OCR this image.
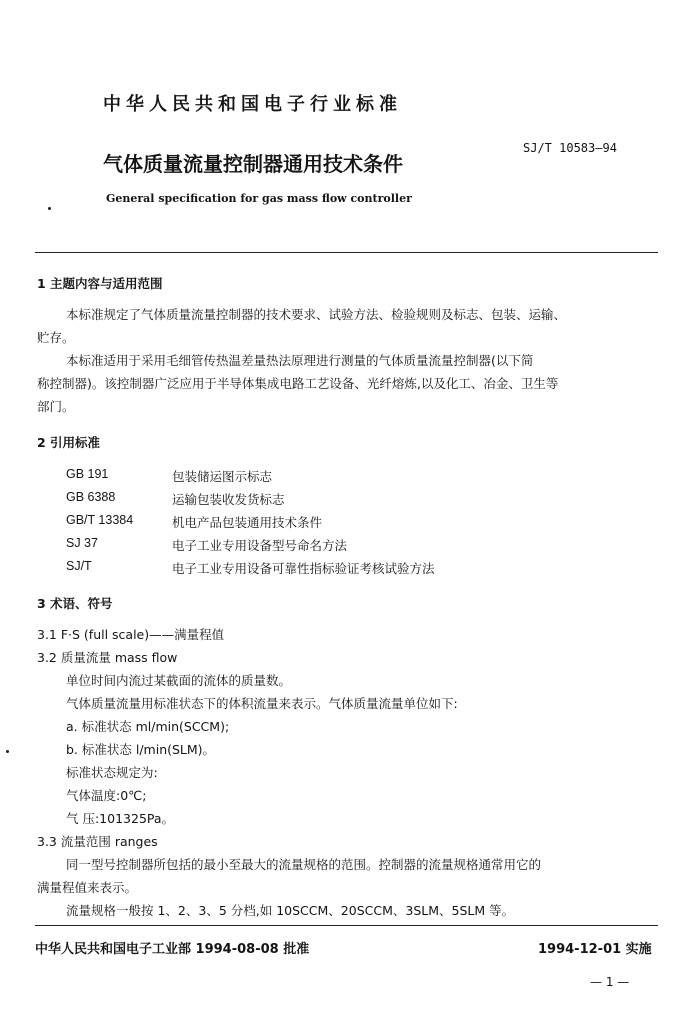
中华人民共和国电子行业标准
气体质量流量控制器通用技术条件
SJ/T 10583—94
General specification for gas mass flow controller
1 主题内容与适用范围
本标准规定了气体质量流量控制器的技术要求、试验方法、检验规则及标志、包装、运输、
贮存。
本标准适用于采用毛细管传热温差量热法原理进行测量的气体质量流量控制器(以下简
称控制器)。该控制器广泛应用于半导体集成电路工艺设备、光纤熔炼,以及化工、冶金、卫生等
部门。
2 引用标准
GB 191	包装储运图示标志
GB 6388	运输包装收发货标志
GB/T 13384	机电产品包装通用技术条件
SJ 37	电子工业专用设备型号命名方法
SJ/T	电子工业专用设备可靠性指标验证考核试验方法
3 术语、符号
3.1 F·S (full scale)——满量程值
3.2 质量流量 mass flow
单位时间内流过某截面的流体的质量数。
气体质量流量用标准状态下的体积流量来表示。气体质量流量单位如下:
a. 标准状态 ml/min(SCCM);
b. 标准状态 l/min(SLM)。
标准状态规定为:
气体温度:0℃;
气 压:101325Pa。
3.3 流量范围 ranges
同一型号控制器所包括的最小至最大的流量规格的范围。控制器的流量规格通常用它的
满量程值来表示。
流量规格一般按 1、2、3、5 分档,如 10SCCM、20SCCM、3SLM、5SLM 等。
中华人民共和国电子工业部 1994-08-08 批准	1994-12-01 实施
— 1 —
